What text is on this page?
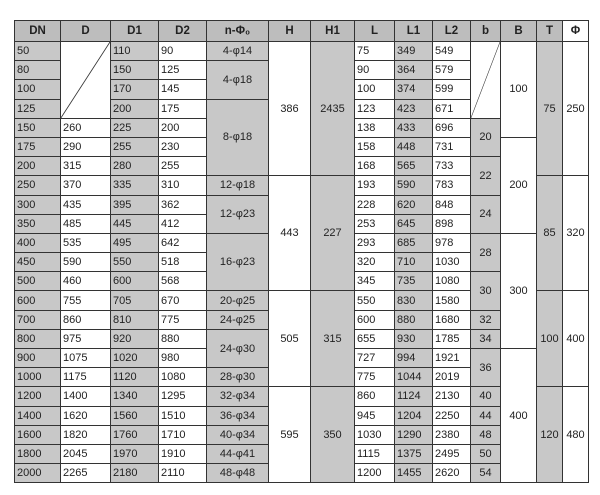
DN	D	D1	D2	n-Φ₀	H	H1	L	L1	L2	b	B	T	Φ	
50		110	90	4-φ14	386	2435	75	349	549		100	75	250	
80		150	125	4-φ18			90	364	579					
100		170	145				100	374	599					
125		200	175	8-φ18			123	423	671					
150	260	225	200				138	433	696	20				
175	290	255	230				158	448	731		200			
200	315	280	255				168	565	733	22				
250	370	335	310	12-φ18	443	227	193	590	783			85	320	
300	435	395	362	12-φ23			228	620	848	24				
350	485	445	412				253	645	898					
400	535	495	642	16-φ23			293	685	978	28	300			
450	590	550	518				320	710	1030					
500	460	600	568				345	735	1080	30				
600	755	705	670	20-φ25	505	315	550	830	1580			100	400	
700	860	810	775	24-φ25			600	880	1680	32				
800	975	920	880	24-φ30			655	930	1785	34				
900	1075	1020	980				727	994	1921	36	400			
1000	1175	1120	1080	28-φ30			775	1044	2019					
1200	1400	1340	1295	32-φ34	595	350	860	1124	2130	40		120	480	
1400	1620	1560	1510	36-φ34			945	1204	2250	44				
1600	1820	1760	1710	40-φ34			1030	1290	2380	48				
1800	2045	1970	1910	44-φ41			1115	1375	2495	50				
2000	2265	2180	2110	48-φ48			1200	1455	2620	54				
